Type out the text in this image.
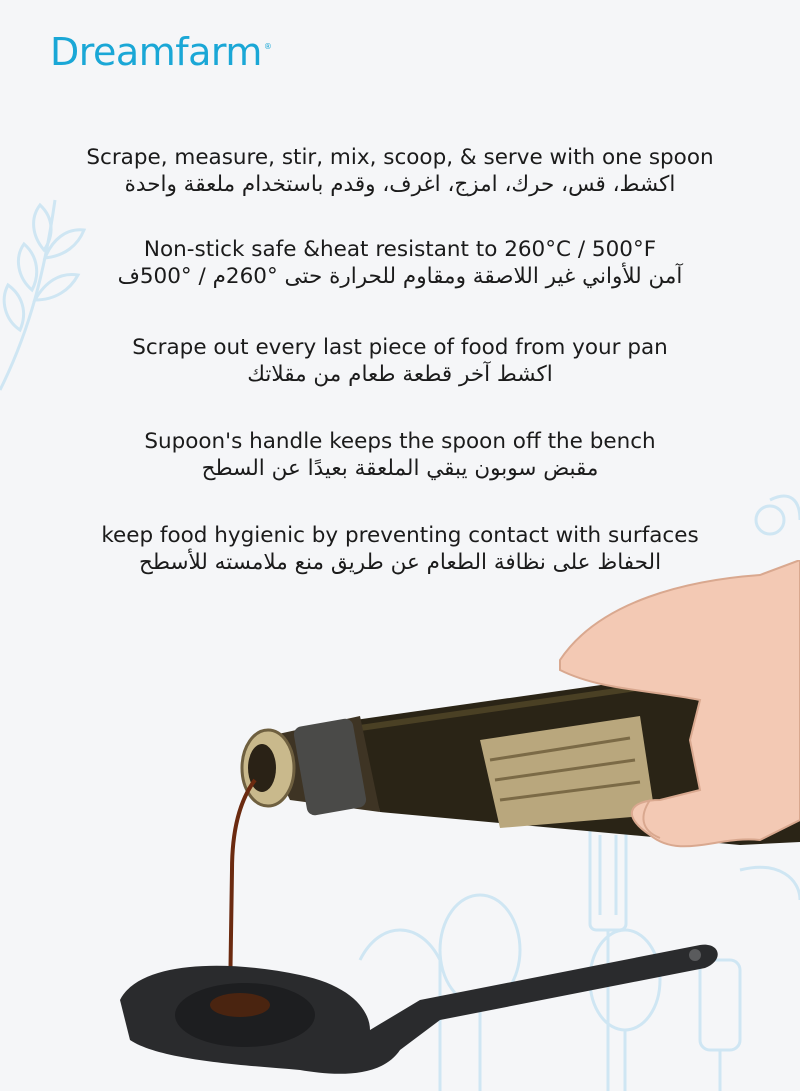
Dreamfarm ®
Scrape, measure, stir, mix, scoop, & serve with one spoon
اكشط، قس، حرك، امزج، اغرف، وقدم باستخدام ملعقة واحدة
Non-stick safe &heat resistant to 260°C / 500°F
آمن للأواني غير اللاصقة ومقاوم للحرارة حتى °260م / °500ف
Scrape out every last piece of food from your pan
اكشط آخر قطعة طعام من مقلاتك
Supoon's handle keeps the spoon off the bench
مقبض سوبون يبقي الملعقة بعيدًا عن السطح
keep food hygienic by preventing contact with surfaces
الحفاظ على نظافة الطعام عن طريق منع ملامسته للأسطح
